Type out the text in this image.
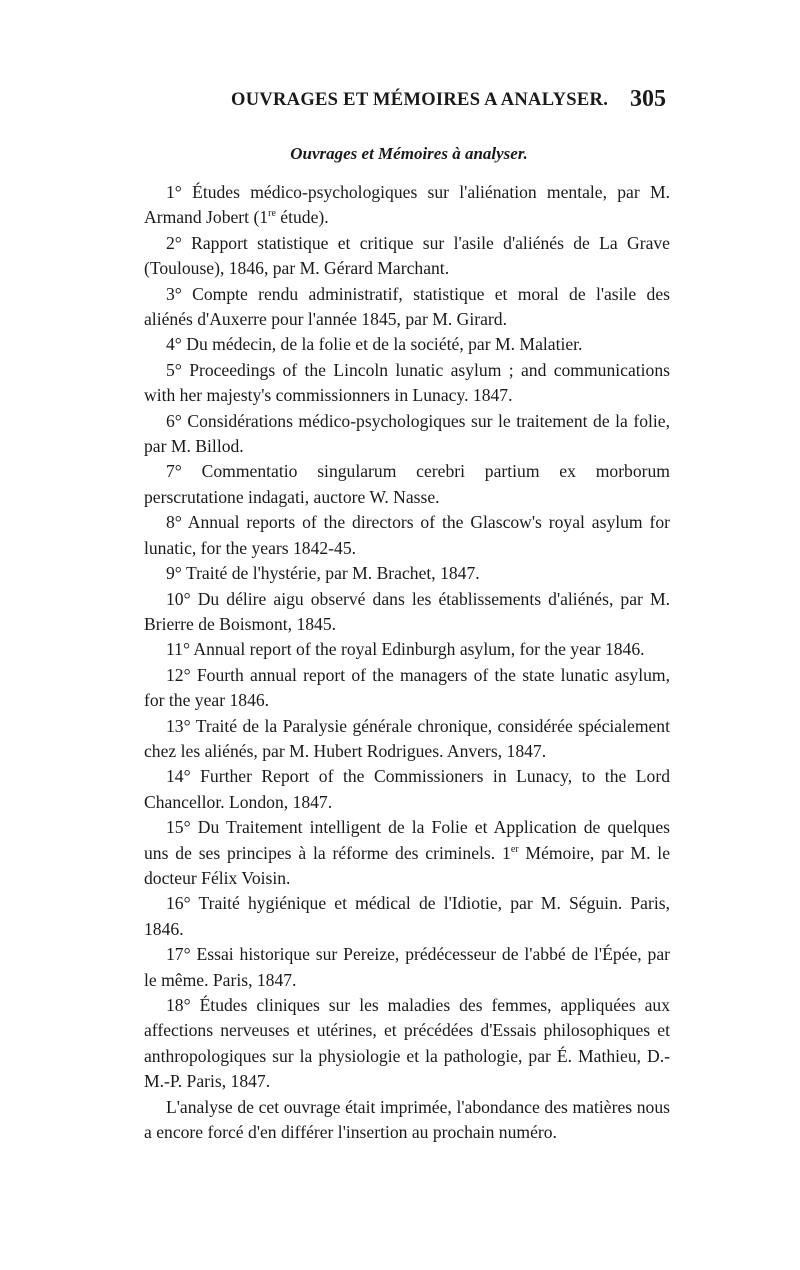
OUVRAGES ET MÉMOIRES A ANALYSER. 305
Ouvrages et Mémoires à analyser.

1° Études médico-psychologiques sur l'aliénation mentale, par M. Armand Jobert (1re étude).

2° Rapport statistique et critique sur l'asile d'aliénés de La Grave (Toulouse), 1846, par M. Gérard Marchant.

3° Compte rendu administratif, statistique et moral de l'asile des aliénés d'Auxerre pour l'année 1845, par M. Girard.

4° Du médecin, de la folie et de la société, par M. Malatier.

5° Proceedings of the Lincoln lunatic asylum ; and communications with her majesty's commissionners in Lunacy. 1847.

6° Considérations médico-psychologiques sur le traitement de la folie, par M. Billod.

7° Commentatio singularum cerebri partium ex morborum perscrutatione indagati, auctore W. Nasse.

8° Annual reports of the directors of the Glascow's royal asylum for lunatic, for the years 1842-45.

9° Traité de l'hystérie, par M. Brachet, 1847.

10° Du délire aigu observé dans les établissements d'aliénés, par M. Brierre de Boismont, 1845.

11° Annual report of the royal Edinburgh asylum, for the year 1846.

12° Fourth annual report of the managers of the state lunatic asylum, for the year 1846.

13° Traité de la Paralysie générale chronique, considérée spécialement chez les aliénés, par M. Hubert Rodrigues. Anvers, 1847.

14° Further Report of the Commissioners in Lunacy, to the Lord Chancellor. London, 1847.

15° Du Traitement intelligent de la Folie et Application de quelques uns de ses principes à la réforme des criminels. 1er Mémoire, par M. le docteur Félix Voisin.

16° Traité hygiénique et médical de l'Idiotie, par M. Séguin. Paris, 1846.

17° Essai historique sur Pereize, prédécesseur de l'abbé de l'Épée, par le même. Paris, 1847.

18° Études cliniques sur les maladies des femmes, appliquées aux affections nerveuses et utérines, et précédées d'Essais philosophiques et anthropologiques sur la physiologie et la pathologie, par É. Mathieu, D.-M.-P. Paris, 1847.

L'analyse de cet ouvrage était imprimée, l'abondance des matières nous a encore forcé d'en différer l'insertion au prochain numéro.
